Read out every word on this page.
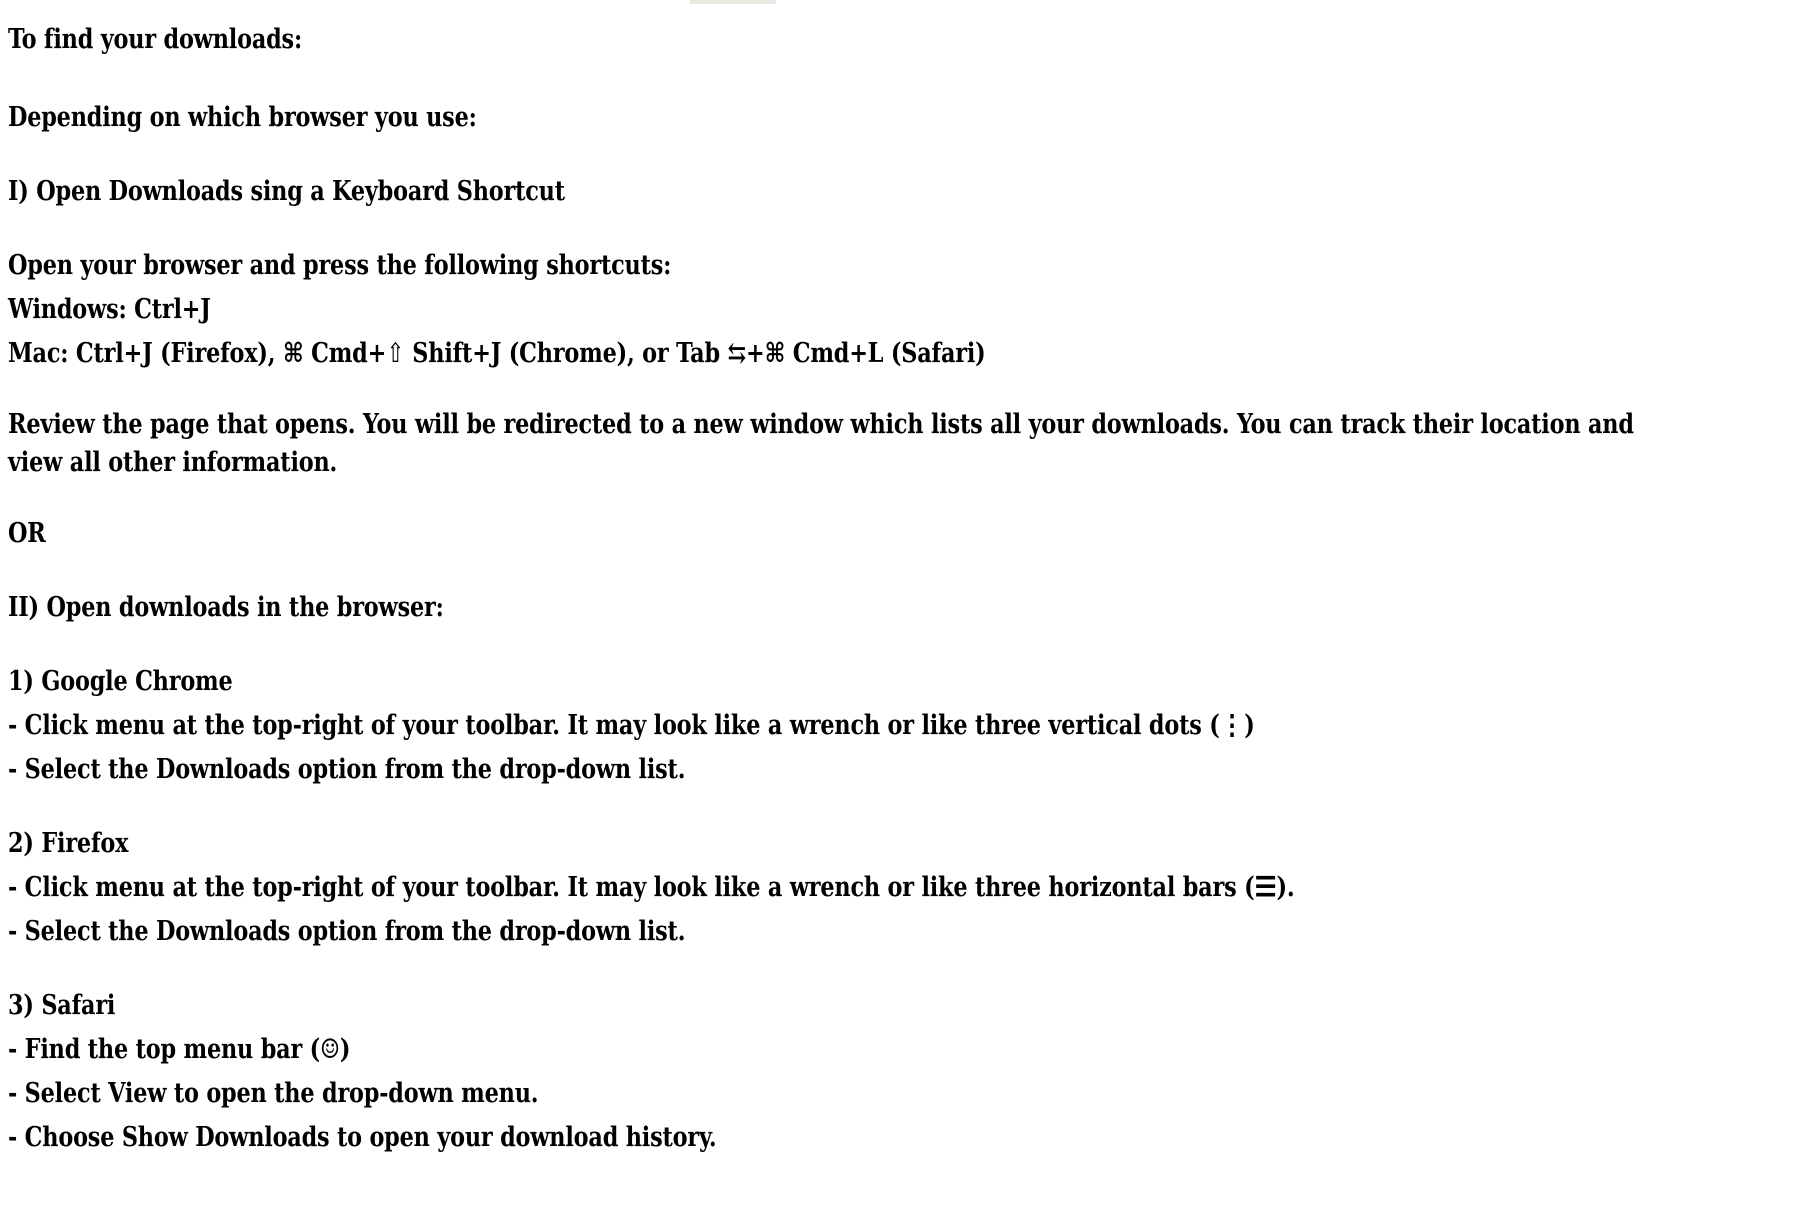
To find your downloads:
Depending on which browser you use:
I) Open Downloads sing a Keyboard Shortcut
Open your browser and press the following shortcuts:
Windows: Ctrl+J
Mac: Ctrl+J (Firefox), ⌘ Cmd+⇧ Shift+J (Chrome), or Tab ⇆+⌘ Cmd+L (Safari)
Review the page that opens. You will be redirected to a new window which lists all your downloads. You can track their location and view all other information.
OR
II) Open downloads in the browser:
1) Google Chrome
- Click menu at the top-right of your toolbar. It may look like a wrench or like three vertical dots (⋮)
- Select the Downloads option from the drop-down list.
2) Firefox
- Click menu at the top-right of your toolbar. It may look like a wrench or like three horizontal bars (☰).
- Select the Downloads option from the drop-down list.
3) Safari
- Find the top menu bar (☺)
- Select View to open the drop-down menu.
- Choose Show Downloads to open your download history.
